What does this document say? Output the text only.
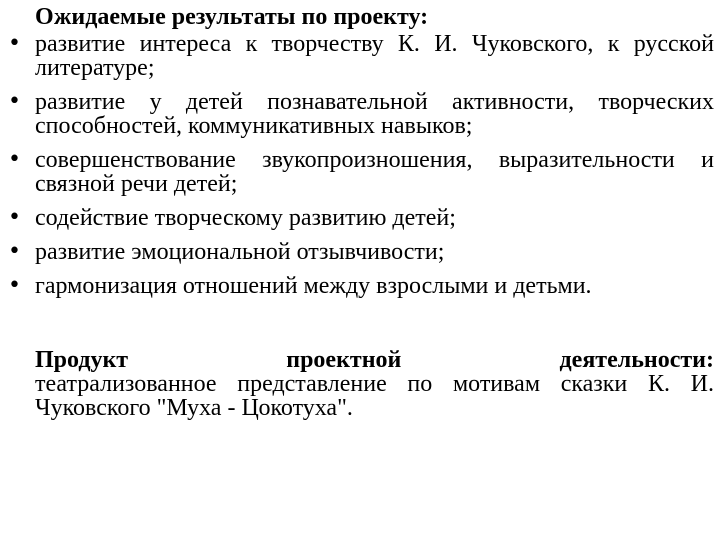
Ожидаемые результаты по проекту:
• развитие интереса к творчеству К. И. Чуковского, к русской литературе;
• развитие у детей познавательной активности, творческих способностей, коммуникативных навыков;
• совершенствование звукопроизношения, выразительности и связной речи детей;
• содействие творческому развитию детей;
• развитие эмоциональной отзывчивости;
• гармонизация отношений между взрослыми и детьми.
Продукт проектной деятельности: театрализованное представление по мотивам сказки К. И. Чуковского "Муха - Цокотуха".
